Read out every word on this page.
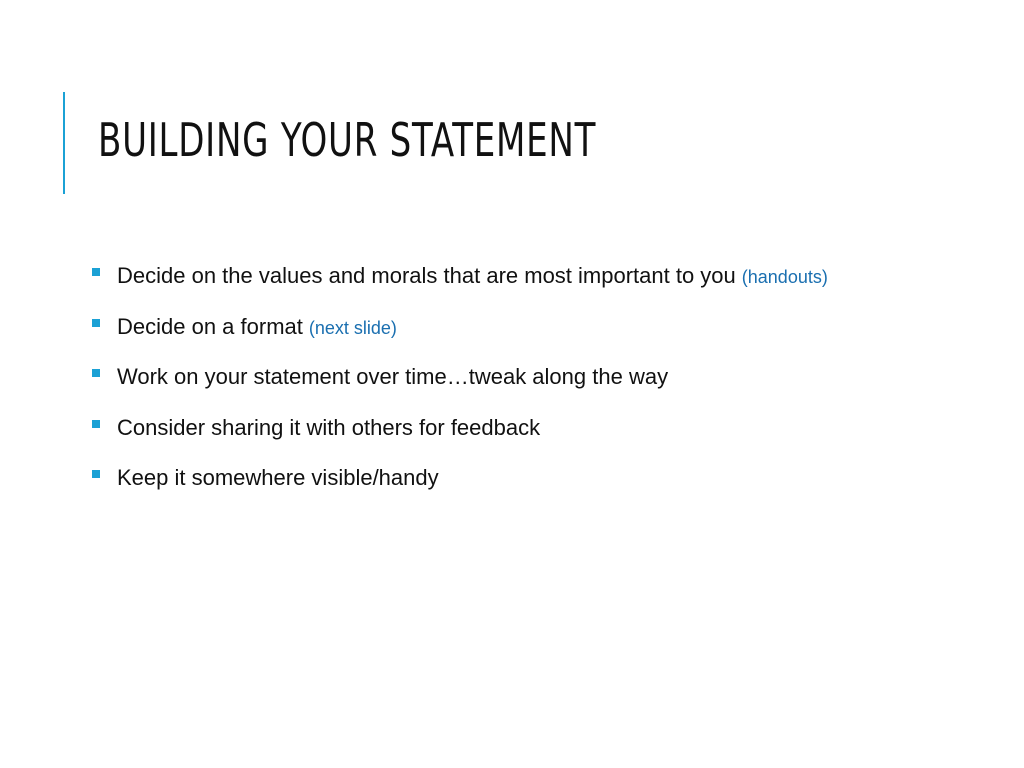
BUILDING YOUR STATEMENT
Decide on the values and morals that are most important to you (handouts)
Decide on a format (next slide)
Work on your statement over time…tweak along the way
Consider sharing it with others for feedback
Keep it somewhere visible/handy
